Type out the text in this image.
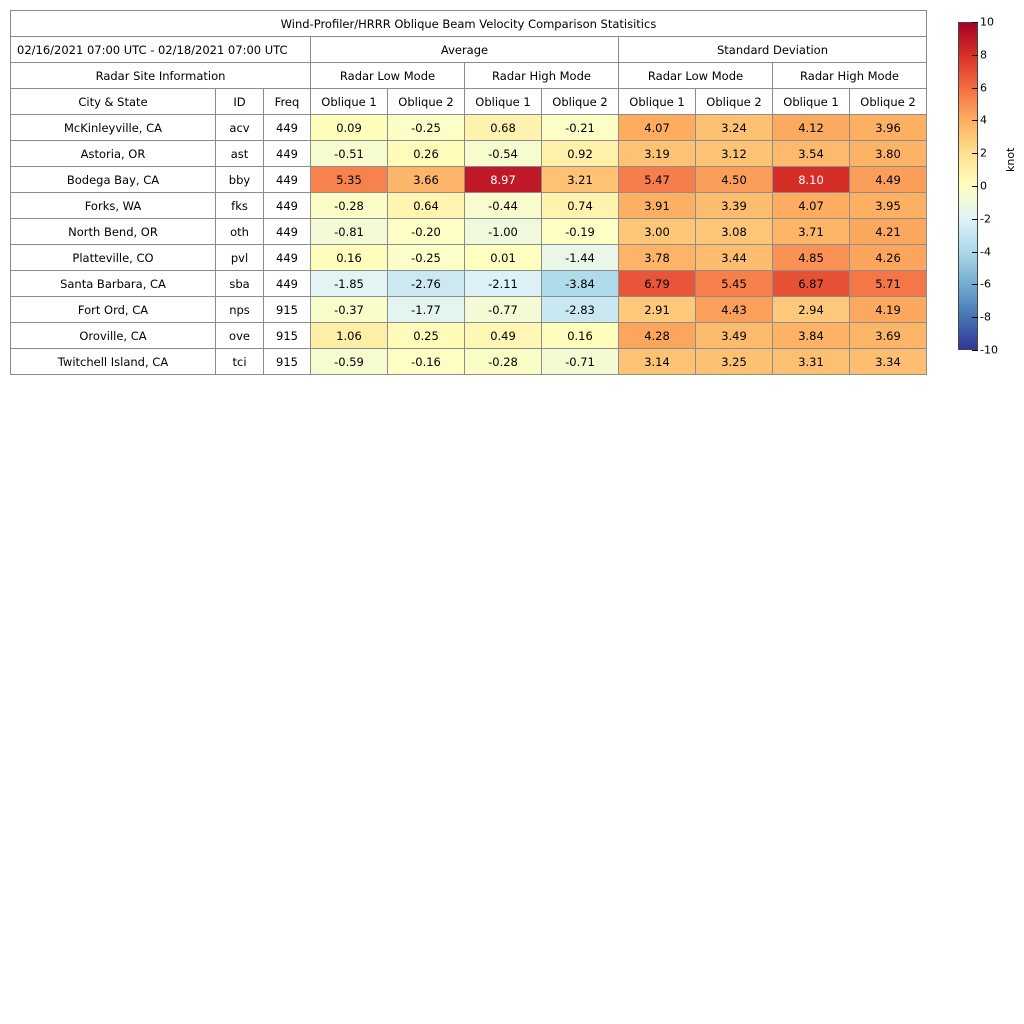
Wind-Profiler/HRRR Oblique Beam Velocity Comparison Statisitics										
02/16/2021 07:00 UTC - 02/18/2021 07:00 UTC			Average				Standard Deviation			
Radar Site Information			Radar Low Mode		Radar High Mode		Radar Low Mode		Radar High Mode	
City & State	ID	Freq	Oblique 1	Oblique 2	Oblique 1	Oblique 2	Oblique 1	Oblique 2	Oblique 1	Oblique 2
McKinleyville, CA	acv	449	0.09	-0.25	0.68	-0.21	4.07	3.24	4.12	3.96
Astoria, OR	ast	449	-0.51	0.26	-0.54	0.92	3.19	3.12	3.54	3.80
Bodega Bay, CA	bby	449	5.35	3.66	8.97	3.21	5.47	4.50	8.10	4.49
Forks, WA	fks	449	-0.28	0.64	-0.44	0.74	3.91	3.39	4.07	3.95
North Bend, OR	oth	449	-0.81	-0.20	-1.00	-0.19	3.00	3.08	3.71	4.21
Platteville, CO	pvl	449	0.16	-0.25	0.01	-1.44	3.78	3.44	4.85	4.26
Santa Barbara, CA	sba	449	-1.85	-2.76	-2.11	-3.84	6.79	5.45	6.87	5.71
Fort Ord, CA	nps	915	-0.37	-1.77	-0.77	-2.83	2.91	4.43	2.94	4.19
Oroville, CA	ove	915	1.06	0.25	0.49	0.16	4.28	3.49	3.84	3.69
Twitchell Island, CA	tci	915	-0.59	-0.16	-0.28	-0.71	3.14	3.25	3.31	3.34
10
8
6
4
2
0
-2
-4
-6
-8
-10
knot
